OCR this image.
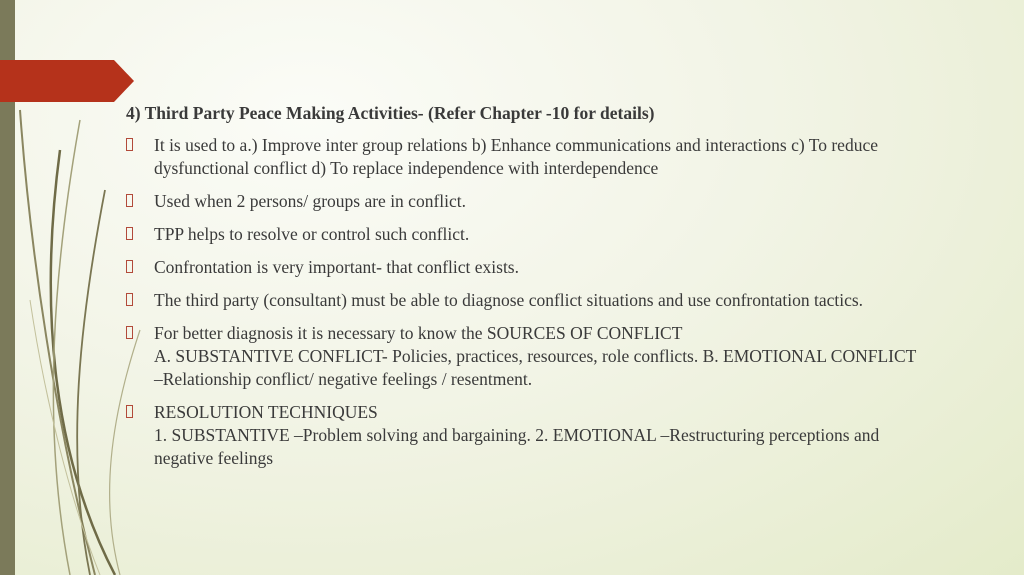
4) Third Party Peace Making Activities- (Refer Chapter -10 for details)
It is used to a.) Improve inter group relations b) Enhance communications and interactions c) To reduce
dysfunctional conflict d) To replace independence with interdependence
Used when 2 persons/ groups are in conflict.
TPP helps to resolve or control such conflict.
Confrontation is very important- that conflict exists.
The third party (consultant) must be able to diagnose conflict situations and use confrontation tactics.
For better diagnosis it is necessary to know the SOURCES OF CONFLICT
A. SUBSTANTIVE CONFLICT- Policies, practices, resources, role conflicts. B. EMOTIONAL CONFLICT
–Relationship conflict/ negative feelings / resentment.
RESOLUTION TECHNIQUES
1. SUBSTANTIVE –Problem solving and bargaining. 2. EMOTIONAL –Restructuring perceptions and
negative feelings
